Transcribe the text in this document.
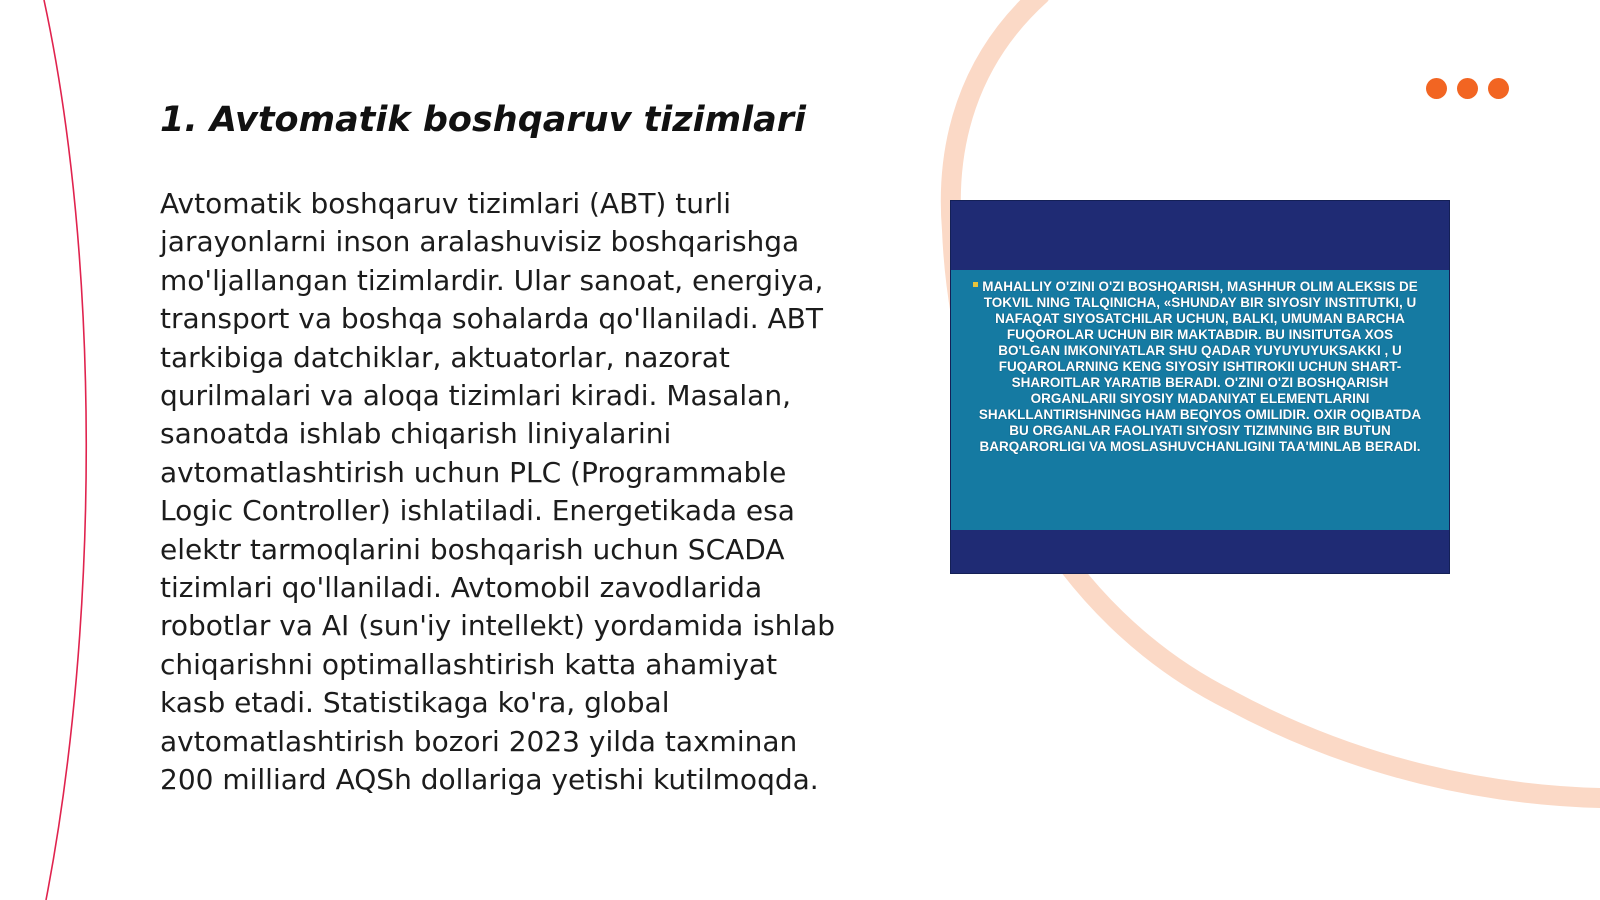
1. Avtomatik boshqaruv tizimlari

Avtomatik boshqaruv tizimlari (ABT) turli jarayonlarni inson aralashuvisiz boshqarishga mo'ljallangan tizimlardir. Ular sanoat, energiya, transport va boshqa sohalarda qo'llaniladi. ABT tarkibiga datchiklar, aktuatorlar, nazorat qurilmalari va aloqa tizimlari kiradi. Masalan, sanoatda ishlab chiqarish liniyalarini avtomatlashtirish uchun PLC (Programmable Logic Controller) ishlatiladi. Energetikada esa elektr tarmoqlarini boshqarish uchun SCADA tizimlari qo'llaniladi. Avtomobil zavodlarida robotlar va AI (sun'iy intellekt) yordamida ishlab chiqarishni optimallashtirish katta ahamiyat kasb etadi. Statistikaga ko'ra, global avtomatlashtirish bozori 2023 yilda taxminan 200 milliard AQSh dollariga yetishi kutilmoqda.

MAHALLIY O'ZINI O'ZI BOSHQARISH, MASHHUR OLIM ALEKSIS DE TOKVIL NING TALQINICHA, «SHUNDAY BIR SIYOSIY INSTITUTKI, U NAFAQAT SIYOSATCHILAR UCHUN, BALKI, UMUMAN BARCHA FUQOROLAR UCHUN BIR MAKTABDIR. BU INSITUTGA XOS BO'LGAN IMKONIYATLAR SHU QADAR YUYUYUYUKSAKKI , U FUQAROLARNING KENG SIYOSIY ISHTIROKII UCHUN SHART-SHAROITLAR YARATIB BERADI. O'ZINI O'ZI BOSHQARISH ORGANLARII SIYOSIY MADANIYAT ELEMENTLARINI SHAKLLANTIRISHNINGG HAM BEQIYOS OMILIDIR. OXIR OQIBATDA BU ORGANLAR FAOLIYATI SIYOSIY TIZIMNING BIR BUTUN BARQARORLIGI VA MOSLASHUVCHANLIGINI TAA'MINLAB BERADI.
